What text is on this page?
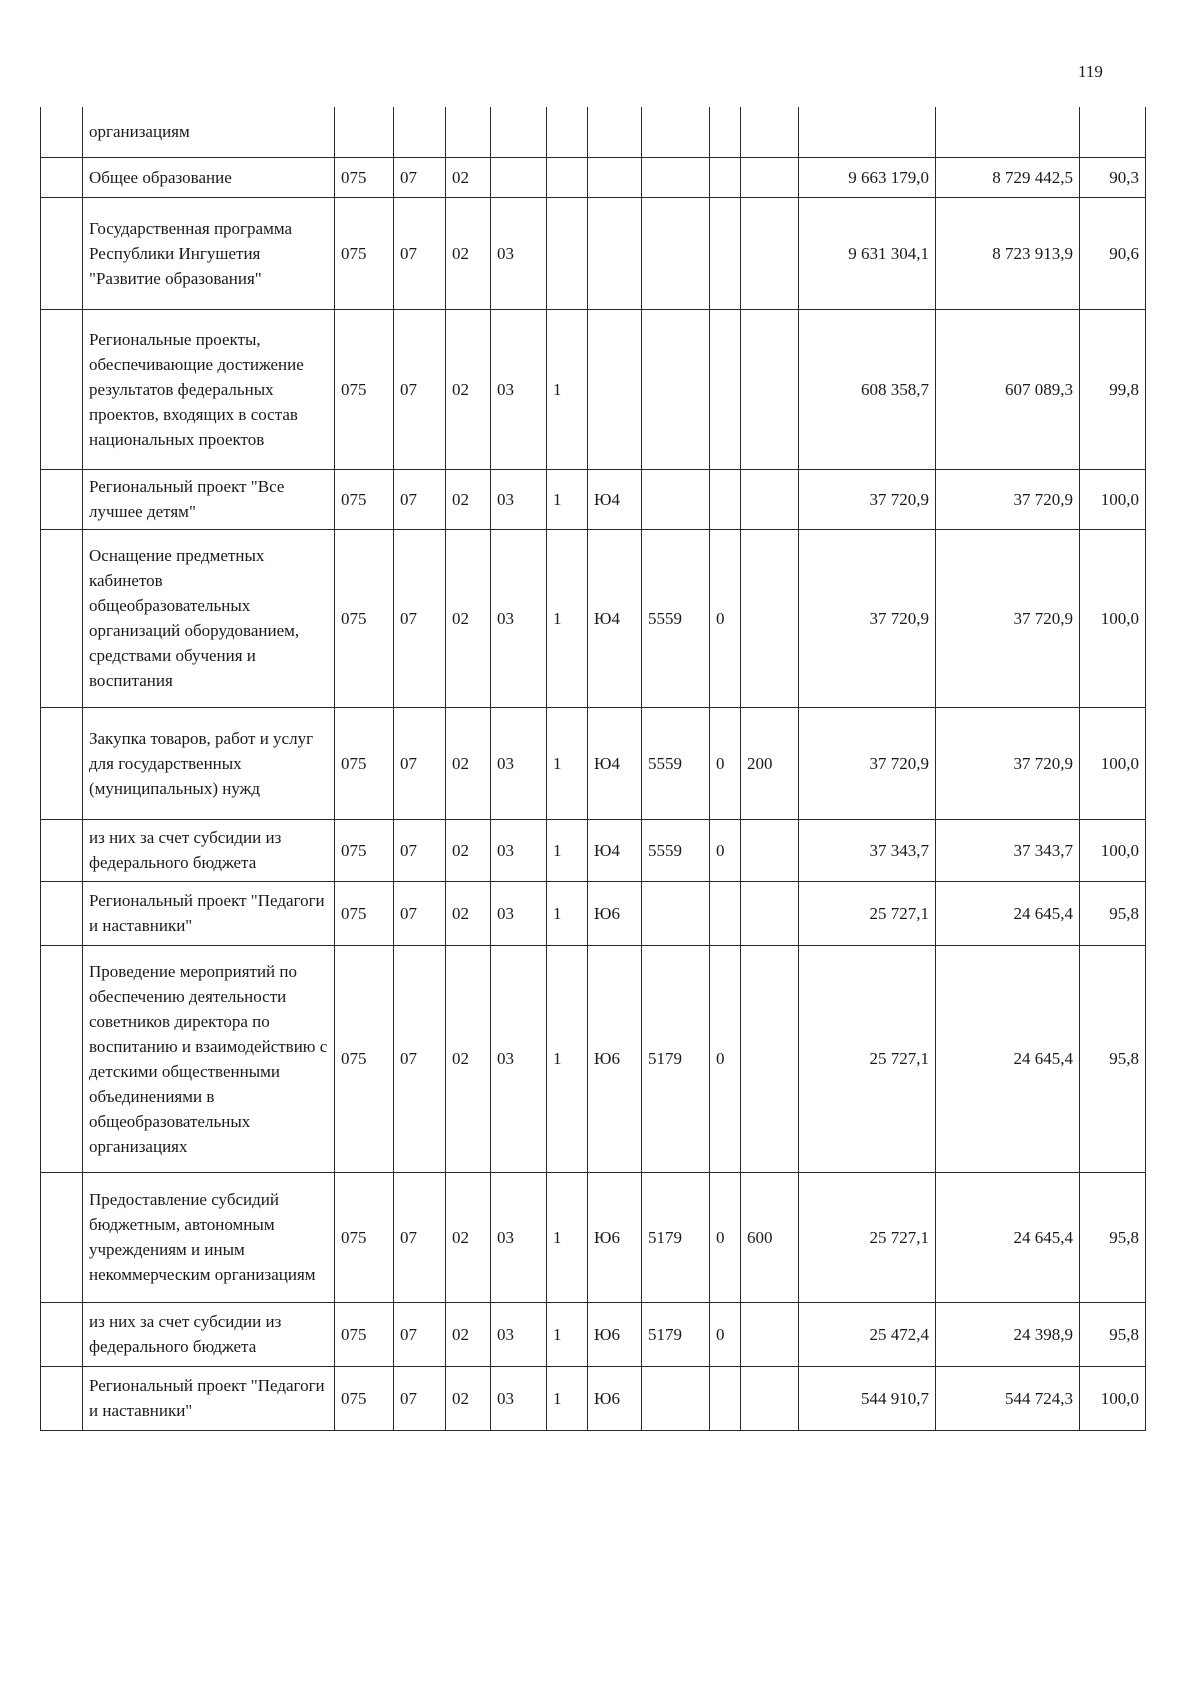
119
	организациям												
	Общее образование	075	07	02							9 663 179,0	8 729 442,5	90,3
	Государственная программа Республики Ингушетия "Развитие образования"	075	07	02	03						9 631 304,1	8 723 913,9	90,6
	Региональные проекты, обеспечивающие достижение результатов федеральных проектов, входящих в состав национальных проектов	075	07	02	03	1					608 358,7	607 089,3	99,8
	Региональный проект "Все лучшее детям"	075	07	02	03	1	Ю4				37 720,9	37 720,9	100,0
	Оснащение предметных кабинетов общеобразовательных организаций оборудованием, средствами обучения и воспитания	075	07	02	03	1	Ю4	5559	0		37 720,9	37 720,9	100,0
	Закупка товаров, работ и услуг для государственных (муниципальных) нужд	075	07	02	03	1	Ю4	5559	0	200	37 720,9	37 720,9	100,0
	из них за счет субсидии из федерального бюджета	075	07	02	03	1	Ю4	5559	0		37 343,7	37 343,7	100,0
	Региональный проект "Педагоги и наставники"	075	07	02	03	1	Ю6				25 727,1	24 645,4	95,8
	Проведение мероприятий по обеспечению деятельности советников директора по воспитанию и взаимодействию с детскими общественными объединениями в общеобразовательных организациях	075	07	02	03	1	Ю6	5179	0		25 727,1	24 645,4	95,8
	Предоставление субсидий бюджетным, автономным учреждениям и иным некоммерческим организациям	075	07	02	03	1	Ю6	5179	0	600	25 727,1	24 645,4	95,8
	из них за счет субсидии из федерального бюджета	075	07	02	03	1	Ю6	5179	0		25 472,4	24 398,9	95,8
	Региональный проект "Педагоги и наставники"	075	07	02	03	1	Ю6				544 910,7	544 724,3	100,0
